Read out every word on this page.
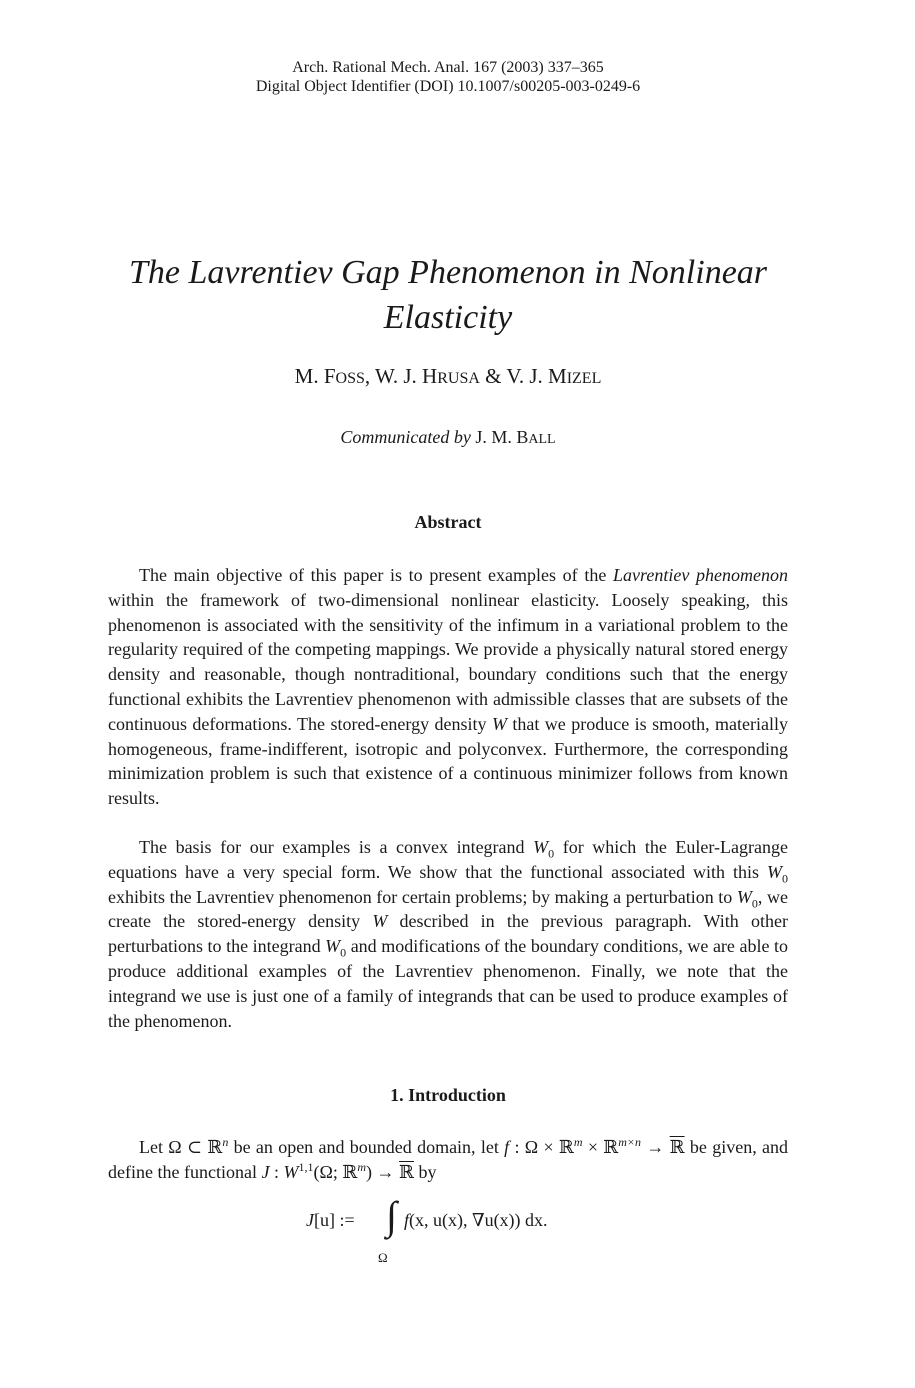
Arch. Rational Mech. Anal. 167 (2003) 337–365
Digital Object Identifier (DOI) 10.1007/s00205-003-0249-6
The Lavrentiev Gap Phenomenon in Nonlinear
Elasticity
M. FOSS, W. J. HRUSA & V. J. MIZEL
Communicated by J. M. BALL
Abstract
The main objective of this paper is to present examples of the Lavrentiev phenomenon within the framework of two-dimensional nonlinear elasticity. Loosely speaking, this phenomenon is associated with the sensitivity of the infimum in a variational problem to the regularity required of the competing mappings. We provide a physically natural stored energy density and reasonable, though nontraditional, boundary conditions such that the energy functional exhibits the Lavrentiev phenomenon with admissible classes that are subsets of the continuous deformations. The stored-energy density W that we produce is smooth, materially homogeneous, frame-indifferent, isotropic and polyconvex. Furthermore, the corresponding minimization problem is such that existence of a continuous minimizer follows from known results.
The basis for our examples is a convex integrand $W_0$ for which the Euler-Lagrange equations have a very special form. We show that the functional associated with this $W_0$ exhibits the Lavrentiev phenomenon for certain problems; by making a perturbation to $W_0$, we create the stored-energy density W described in the previous paragraph. With other perturbations to the integrand $W_0$ and modifications of the boundary conditions, we are able to produce additional examples of the Lavrentiev phenomenon. Finally, we note that the integrand we use is just one of a family of integrands that can be used to produce examples of the phenomenon.
1. Introduction
Let Ω ⊂ ℝ$^n$ be an open and bounded domain, let f : Ω × ℝ$^m$ × ℝ$^{m\times n}$ → ℝ be given, and define the functional J : W$^{1,1}$(Ω; ℝ$^m$) → ℝ by
J[u] := ∫
Ω
f(x, u(x), ∇u(x)) dx.
